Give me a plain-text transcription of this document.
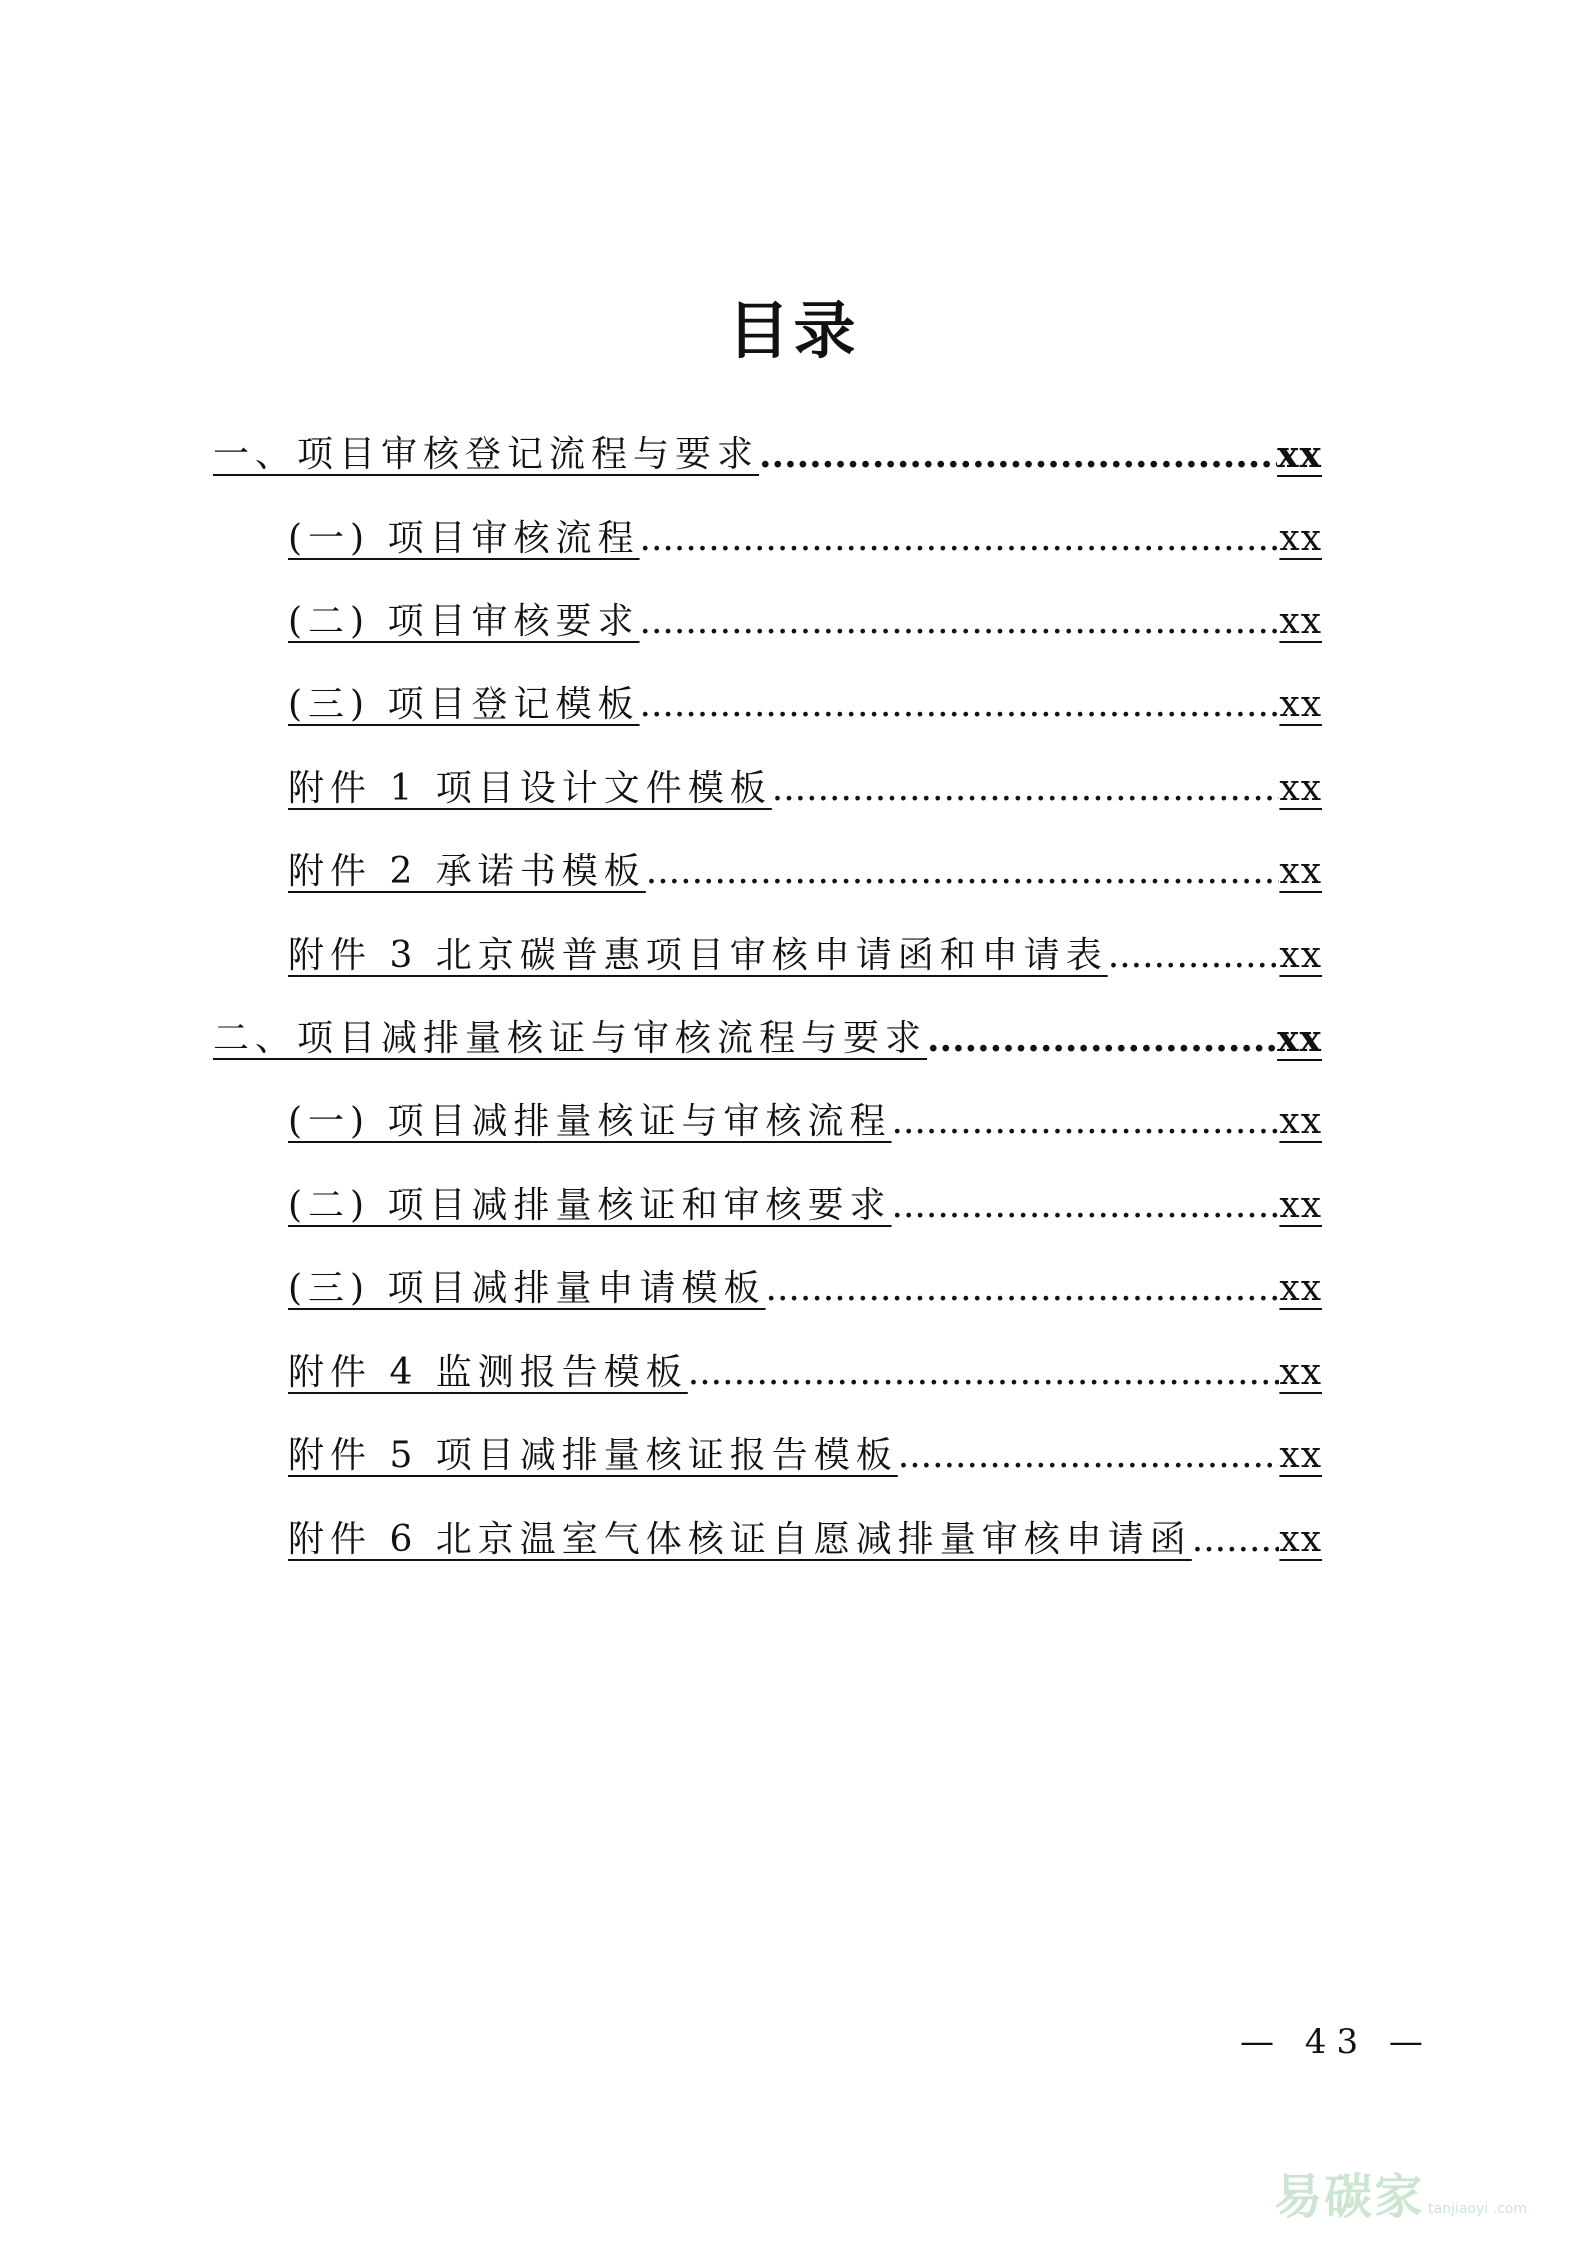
目录
一、项目审核登记流程与要求 .....	xx
(一) 项目审核流程 .....	xx
(二) 项目审核要求 .....	xx
(三) 项目登记模板 .....	xx
附件 1 项目设计文件模板 .....	xx
附件 2 承诺书模板 .....	xx
附件 3 北京碳普惠项目审核申请函和申请表 .....	xx
二、项目减排量核证与审核流程与要求 .....	xx
(一) 项目减排量核证与审核流程 .....	xx
(二) 项目减排量核证和审核要求 .....	xx
(三) 项目减排量申请模板 .....	xx
附件 4 监测报告模板 .....	xx
附件 5 项目减排量核证报告模板 .....	xx
附件 6 北京温室气体核证自愿减排量审核申请函 ..... xx
— 43 —
易碳家 tanjiaoyi .com
